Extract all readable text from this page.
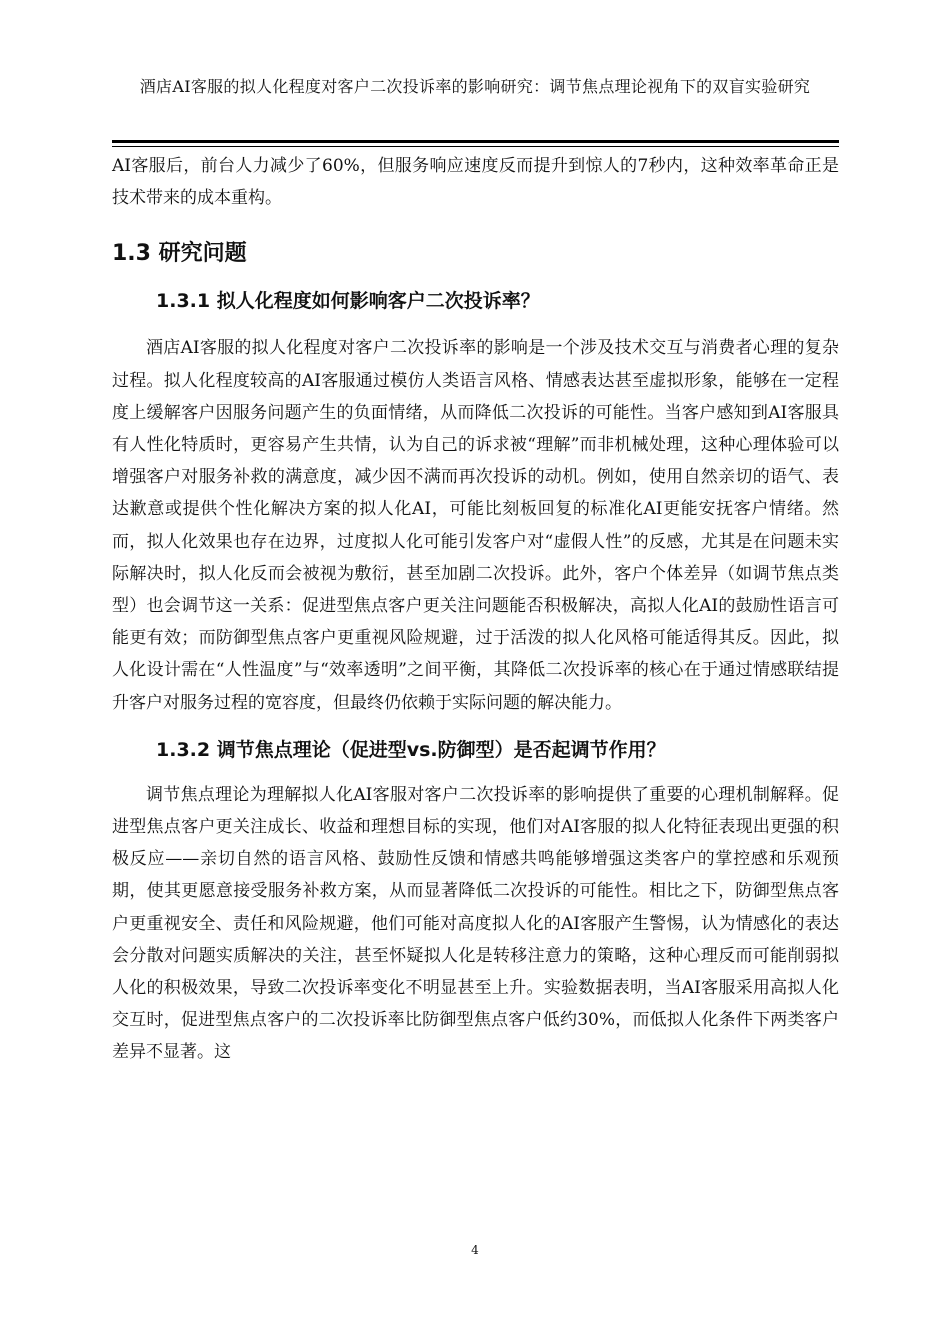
酒店AI客服的拟人化程度对客户二次投诉率的影响研究：调节焦点理论视角下的双盲实验研究

AI客服后，前台人力减少了60%，但服务响应速度反而提升到惊人的7秒内，这种效率革命正是技术带来的成本重构。

1.3 研究问题
1.3.1 拟人化程度如何影响客户二次投诉率？

酒店AI客服的拟人化程度对客户二次投诉率的影响是一个涉及技术交互与消费者心理的复杂过程。拟人化程度较高的AI客服通过模仿人类语言风格、情感表达甚至虚拟形象，能够在一定程度上缓解客户因服务问题产生的负面情绪，从而降低二次投诉的可能性。当客户感知到AI客服具有人性化特质时，更容易产生共情，认为自己的诉求被“理解”而非机械处理，这种心理体验可以增强客户对服务补救的满意度，减少因不满而再次投诉的动机。例如，使用自然亲切的语气、表达歉意或提供个性化解决方案的拟人化AI，可能比刻板回复的标准化AI更能安抚客户情绪。然而，拟人化效果也存在边界，过度拟人化可能引发客户对“虚假人性”的反感，尤其是在问题未实际解决时，拟人化反而会被视为敷衍，甚至加剧二次投诉。此外，客户个体差异（如调节焦点类型）也会调节这一关系：促进型焦点客户更关注问题能否积极解决，高拟人化AI的鼓励性语言可能更有效；而防御型焦点客户更重视风险规避，过于活泼的拟人化风格可能适得其反。因此，拟人化设计需在“人性温度”与“效率透明”之间平衡，其降低二次投诉率的核心在于通过情感联结提升客户对服务过程的宽容度，但最终仍依赖于实际问题的解决能力。

1.3.2 调节焦点理论（促进型vs.防御型）是否起调节作用？

调节焦点理论为理解拟人化AI客服对客户二次投诉率的影响提供了重要的心理机制解释。促进型焦点客户更关注成长、收益和理想目标的实现，他们对AI客服的拟人化特征表现出更强的积极反应——亲切自然的语言风格、鼓励性反馈和情感共鸣能够增强这类客户的掌控感和乐观预期，使其更愿意接受服务补救方案，从而显著降低二次投诉的可能性。相比之下，防御型焦点客户更重视安全、责任和风险规避，他们可能对高度拟人化的AI客服产生警惕，认为情感化的表达会分散对问题实质解决的关注，甚至怀疑拟人化是转移注意力的策略，这种心理反而可能削弱拟人化的积极效果，导致二次投诉率变化不明显甚至上升。实验数据表明，当AI客服采用高拟人化交互时，促进型焦点客户的二次投诉率比防御型焦点客户低约30%，而低拟人化条件下两类客户差异不显著。这

4
